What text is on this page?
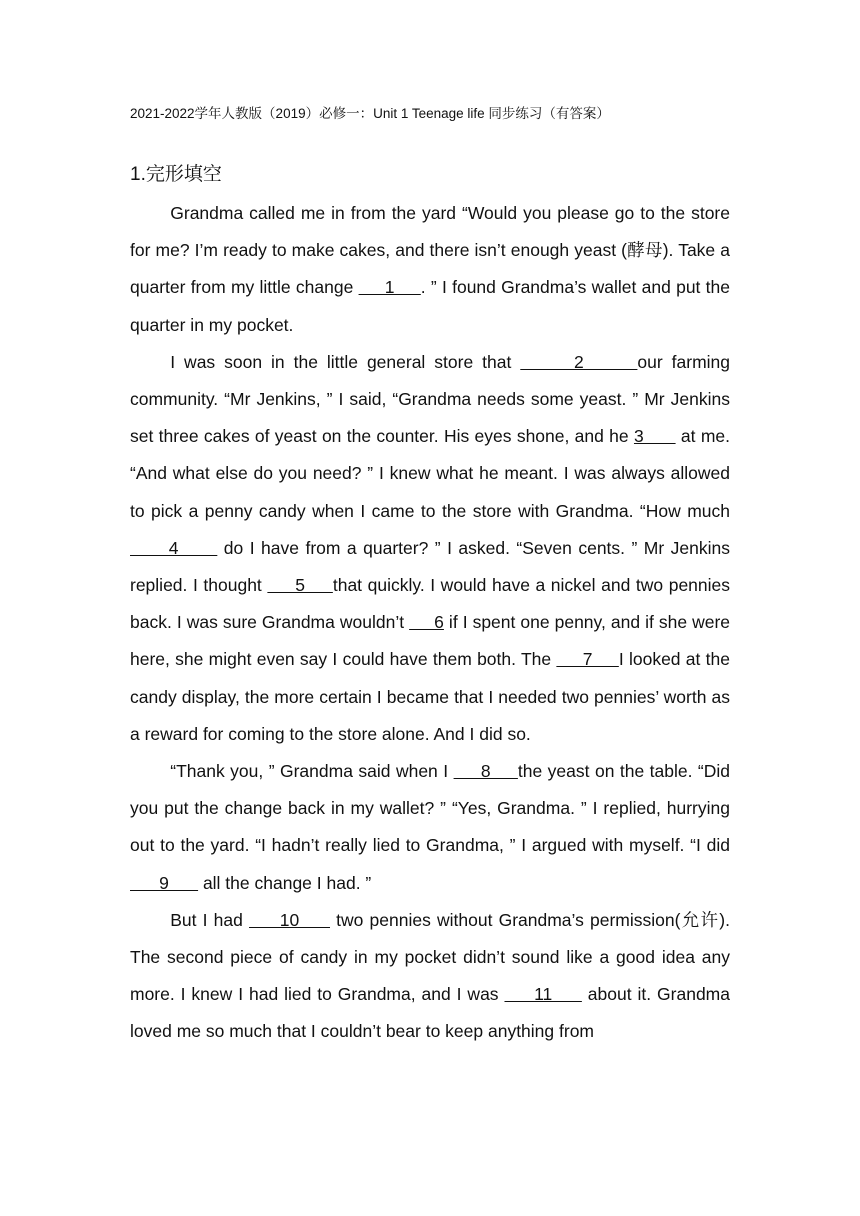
2021-2022学年人教版（2019）必修一：Unit 1 Teenage life 同步练习（有答案）
1.完形填空

Grandma called me in from the yard “Would you please go to the store for me? I’m ready to make cakes, and there isn’t enough yeast (酵母). Take a quarter from my little change      1     . ” I found Grandma’s wallet and put the quarter in my pocket.

I was soon in the little general store that       2      our farming community. “Mr Jenkins, ” I said, “Grandma needs some yeast. ” Mr Jenkins set three cakes of yeast on the counter. His eyes shone, and he 3       at me. “And what else do you need? ” I knew what he meant. I was always allowed to pick a penny candy when I came to the store with Grandma. “How much       4       do I have from a quarter? ” I asked. “Seven cents. ” Mr Jenkins replied. I thought      5     that quickly. I would have a nickel and two pennies back. I was sure Grandma wouldn’t      6 if I spent one penny, and if she were here, she might even say I could have them both. The      7     I looked at the candy display, the more certain I became that I needed two pennies’ worth as a reward for coming to the store alone. And I did so.

“Thank you, ” Grandma said when I      8     the yeast on the table. “Did you put the change back in my wallet? ” “Yes, Grandma. ” I replied, hurrying out to the yard. “I hadn’t really lied to Grandma, ” I argued with myself. “I did       9       all the change I had. ”

But I had      10      two pennies without Grandma’s permission(允许). The second piece of candy in my pocket didn’t sound like a good idea any more. I knew I had lied to Grandma, and I was      11      about it. Grandma loved me so much that I couldn’t bear to keep anything from
